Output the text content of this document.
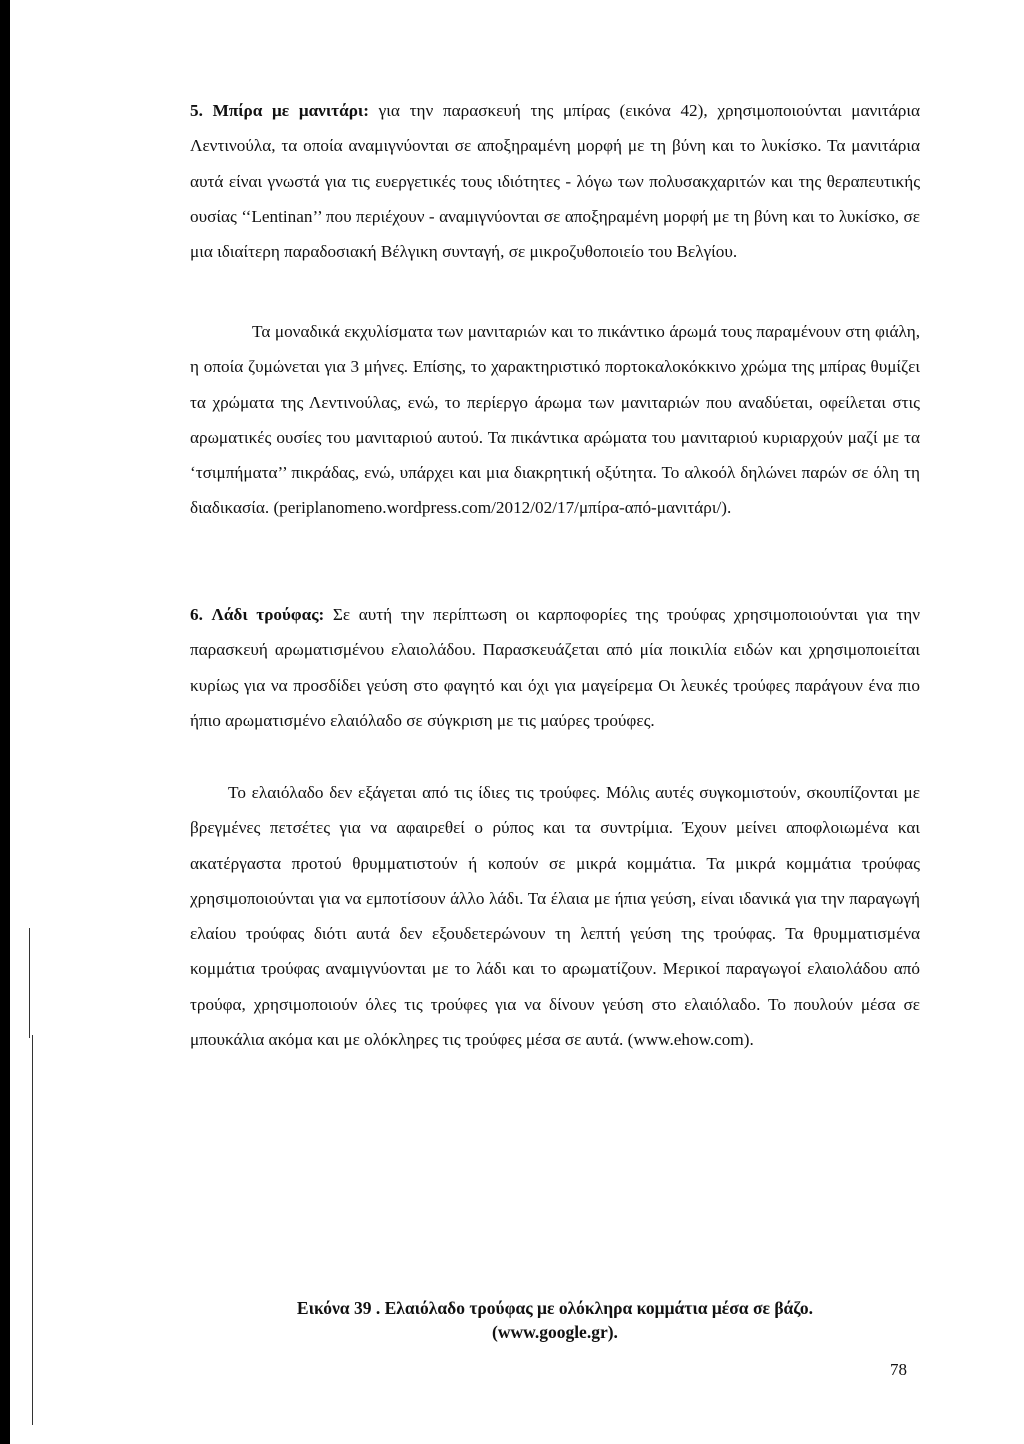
5. Μπίρα με μανιτάρι: για την παρασκευή της μπίρας (εικόνα 42), χρησιμοποιούνται μανιτάρια Λεντινούλα, τα οποία αναμιγνύονται σε αποξηραμένη μορφή με τη βύνη και το λυκίσκο. Τα μανιτάρια αυτά είναι γνωστά για τις ευεργετικές τους ιδιότητες - λόγω των πολυσακχαριτών και της θεραπευτικής ουσίας ‘‘Lentinan’’ που περιέχουν - αναμιγνύονται σε αποξηραμένη μορφή με τη βύνη και το λυκίσκο, σε μια ιδιαίτερη παραδοσιακή Βέλγικη συνταγή, σε μικροζυθοποιείο του Βελγίου.

Τα μοναδικά εκχυλίσματα των μανιταριών και το πικάντικο άρωμά τους παραμένουν στη φιάλη, η οποία ζυμώνεται για 3 μήνες. Επίσης, το χαρακτηριστικό πορτοκαλοκόκκινο χρώμα της μπίρας θυμίζει τα χρώματα της Λεντινούλας, ενώ, το περίεργο άρωμα των μανιταριών που αναδύεται, οφείλεται στις αρωματικές ουσίες του μανιταριού αυτού. Τα πικάντικα αρώματα του μανιταριού κυριαρχούν μαζί με τα ‘τσιμπήματα’’ πικράδας, ενώ, υπάρχει και μια διακρητική οξύτητα. Το αλκοόλ δηλώνει παρών σε όλη τη διαδικασία. (periplanomeno.wordpress.com/2012/02/17/μπίρα-από-μανιτάρι/).

6. Λάδι τρούφας: Σε αυτή την περίπτωση οι καρποφορίες της τρούφας χρησιμοποιούνται για την παρασκευή αρωματισμένου ελαιολάδου. Παρασκευάζεται από μία ποικιλία ειδών και χρησιμοποιείται κυρίως για να προσδίδει γεύση στο φαγητό και όχι για μαγείρεμα Οι λευκές τρούφες παράγουν ένα πιο ήπιο αρωματισμένο ελαιόλαδο σε σύγκριση με τις μαύρες τρούφες.

Το ελαιόλαδο δεν εξάγεται από τις ίδιες τις τρούφες. Μόλις αυτές συγκομιστούν, σκουπίζονται με βρεγμένες πετσέτες για να αφαιρεθεί ο ρύπος και τα συντρίμια. Έχουν μείνει αποφλοιωμένα και ακατέργαστα προτού θρυμματιστούν ή κοπούν σε μικρά κομμάτια. Τα μικρά κομμάτια τρούφας χρησιμοποιούνται για να εμποτίσουν άλλο λάδι. Τα έλαια με ήπια γεύση, είναι ιδανικά για την παραγωγή ελαίου τρούφας διότι αυτά δεν εξουδετερώνουν τη λεπτή γεύση της τρούφας. Τα θρυμματισμένα κομμάτια τρούφας αναμιγνύονται με το λάδι και το αρωματίζουν. Μερικοί παραγωγοί ελαιολάδου από τρούφα, χρησιμοποιούν όλες τις τρούφες για να δίνουν γεύση στο ελαιόλαδο. Το πουλούν μέσα σε μπουκάλια ακόμα και με ολόκληρες τις τρούφες μέσα σε αυτά. (www.ehow.com).

Εικόνα 39 . Ελαιόλαδο τρούφας με ολόκληρα κομμάτια μέσα σε βάζο.
(www.google.gr).

78
